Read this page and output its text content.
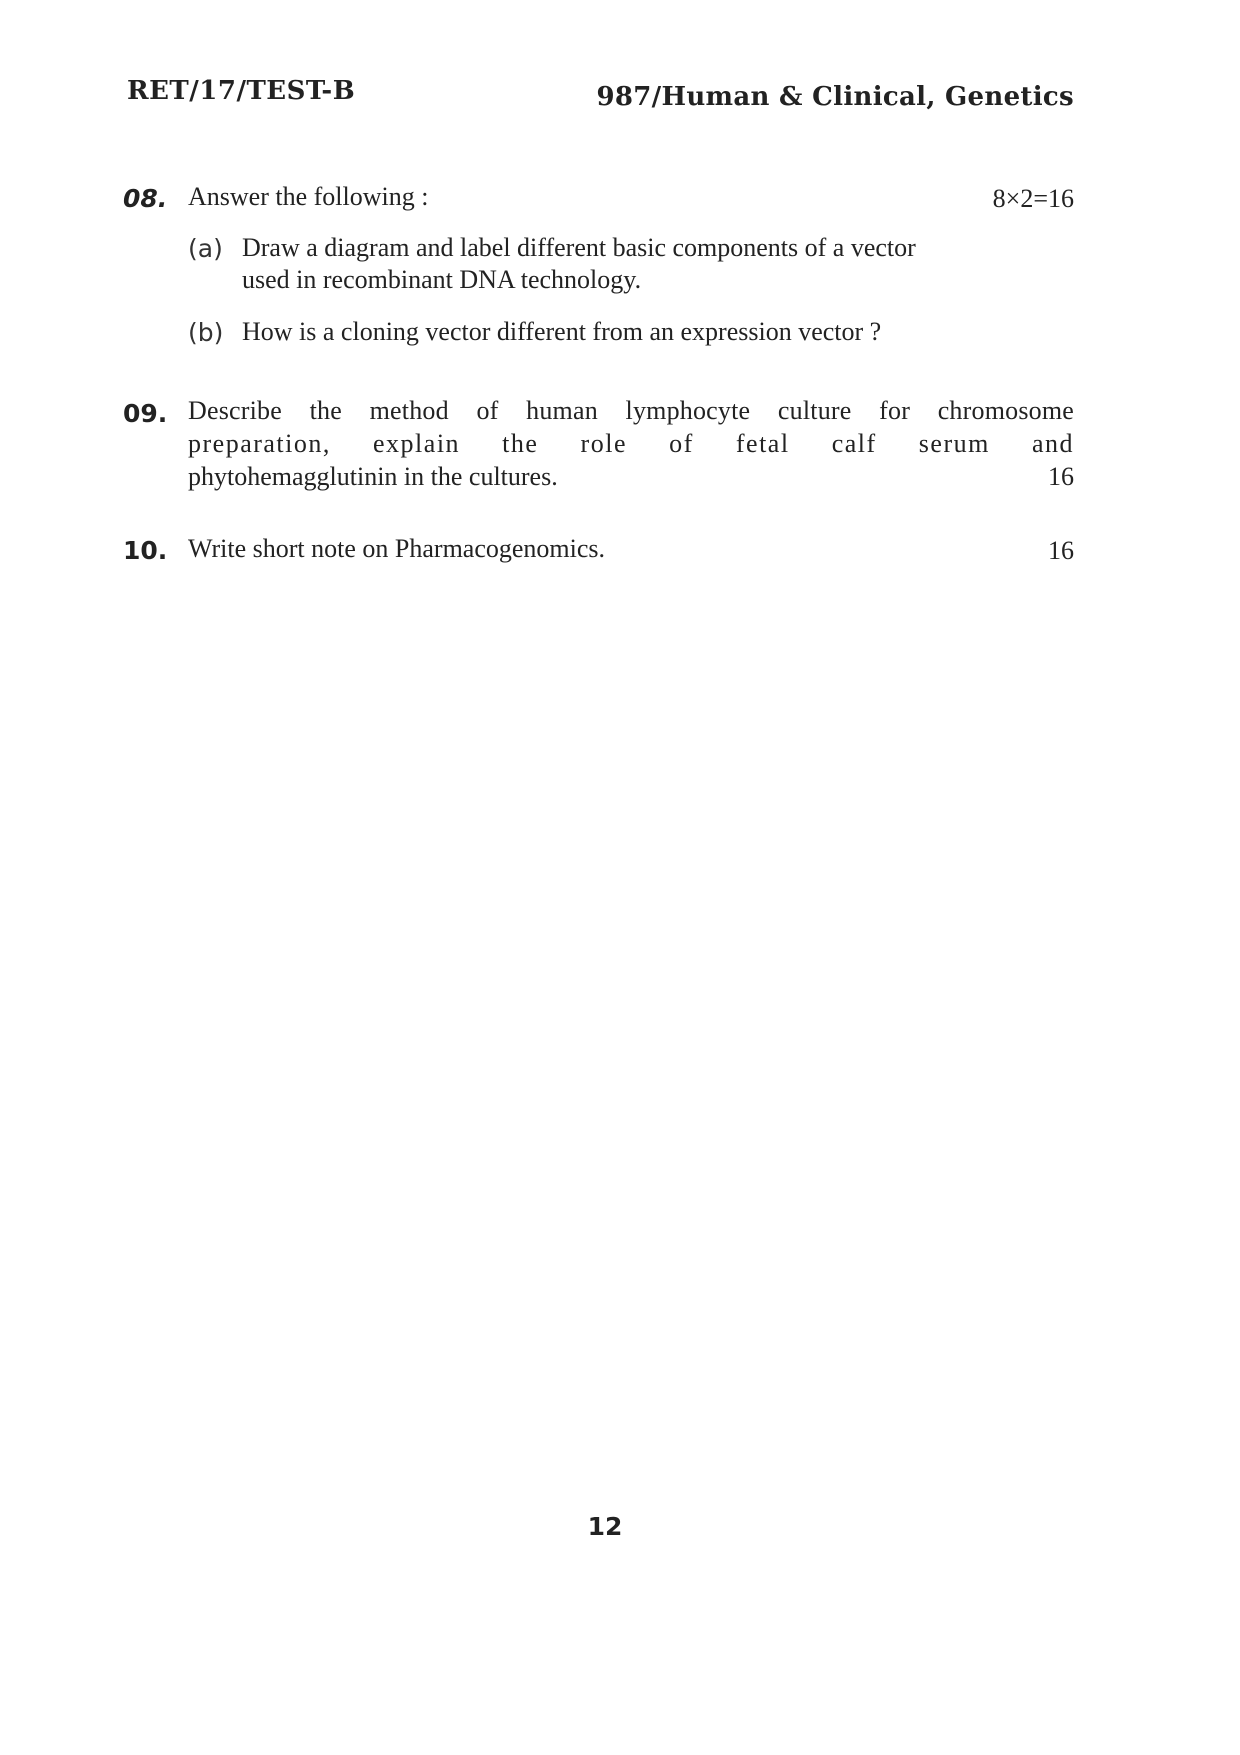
RET/17/TEST-B	987/Human & Clinical, Genetics
08. Answer the following :	8×2=16
(a) Draw a diagram and label different basic components of a vector
used in recombinant DNA technology.
(b) How is a cloning vector different from an expression vector ?
09. Describe the method of human lymphocyte culture for chromosome
preparation, explain the role of fetal calf serum and
phytohemagglutinin in the cultures.	16
10. Write short note on Pharmacogenomics.	16
12
